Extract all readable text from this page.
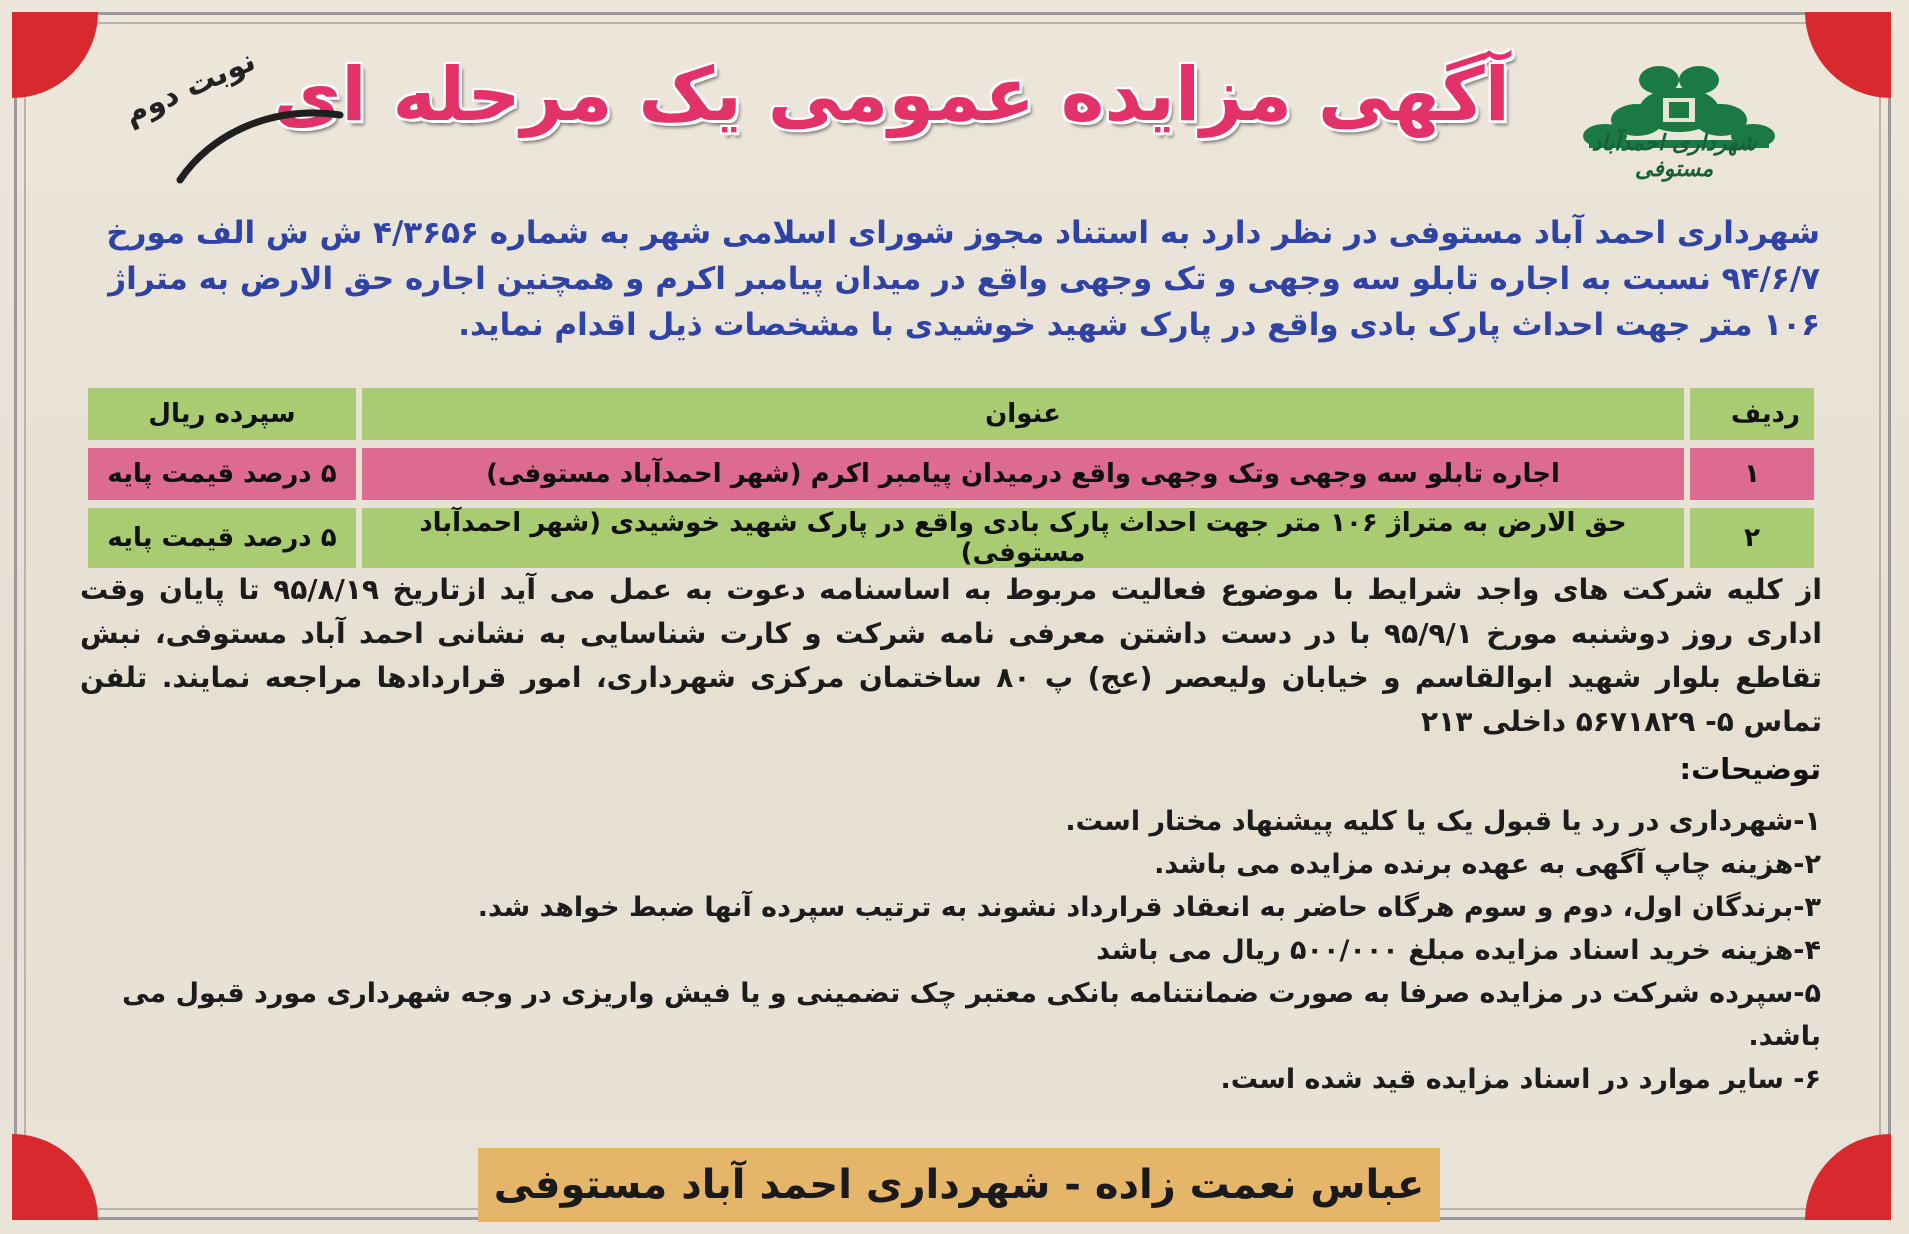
شهرداری احمدآباد مستوفی
آگهی مزایده عمومی یک مرحله ای
نوبت دوم
شهرداری احمد آباد مستوفی در نظر دارد به استناد مجوز شورای اسلامی شهر به شماره ۴/۳۶۵۶ ش ش الف مورخ ۹۴/۶/۷ نسبت به اجاره تابلو سه وجهی و تک وجهی واقع در میدان پیامبر اکرم و همچنین اجاره حق الارض به متراژ ۱۰۶ متر جهت احداث پارک بادی واقع در پارک شهید خوشیدی با مشخصات ذیل اقدام نماید.
ردیف	عنوان	سپرده ریال
۱	اجاره تابلو سه وجهی وتک وجهی واقع درمیدان پیامبر اکرم (شهر احمدآباد مستوفی)	۵ درصد قیمت پایه
۲	حق الارض به متراژ ۱۰۶ متر جهت احداث پارک بادی واقع در پارک شهید خوشیدی (شهر احمدآباد مستوفی)	۵ درصد قیمت پایه
از کلیه شرکت های واجد شرایط با موضوع فعالیت مربوط به اساسنامه دعوت به عمل می آید ازتاریخ ۹۵/۸/۱۹ تا پایان وقت اداری روز دوشنبه مورخ ۹۵/۹/۱ با در دست داشتن معرفی نامه شرکت و کارت شناسایی به نشانی احمد آباد مستوفی، نبش تقاطع بلوار شهید ابوالقاسم و خیابان ولیعصر (عج) پ ۸۰ ساختمان مرکزی شهرداری، امور قراردادها مراجعه نمایند. تلفن تماس ۵- ۵۶۷۱۸۲۹ داخلی ۲۱۳
توضیحات:
۱-شهرداری در رد یا قبول یک یا کلیه پیشنهاد مختار است.
۲-هزینه چاپ آگهی به عهده برنده مزایده می باشد.
۳-برندگان اول، دوم و سوم هرگاه حاضر به انعقاد قرارداد نشوند به ترتیب سپرده آنها ضبط خواهد شد.
۴-هزینه خرید اسناد مزایده مبلغ ۵۰۰/۰۰۰ ریال می باشد
۵-سپرده شرکت در مزایده صرفا به صورت ضمانتنامه بانکی معتبر چک تضمینی و یا فیش واریزی در وجه شهرداری مورد قبول می باشد.
۶- سایر موارد در اسناد مزایده قید شده است.
عباس نعمت زاده - شهرداری احمد آباد مستوفی
